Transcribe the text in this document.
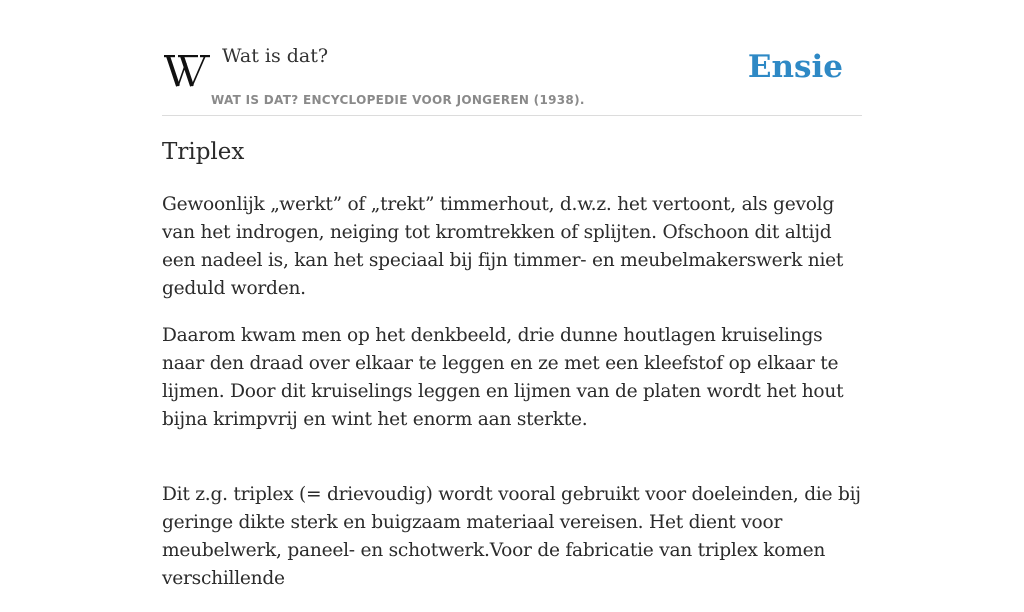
Wat is dat?
WAT IS DAT? ENCYCLOPEDIE VOOR JONGEREN (1938).
Ensie
Triplex

Gewoonlijk „werkt” of „trekt” timmerhout, d.w.z. het vertoont, als gevolg van het indrogen, neiging tot kromtrekken of splijten. Ofschoon dit altijd een nadeel is, kan het speciaal bij fijn timmer- en meubelmakerswerk niet geduld worden.

Daarom kwam men op het denkbeeld, drie dunne houtlagen kruiselings naar den draad over elkaar te leggen en ze met een kleefstof op elkaar te lijmen. Door dit kruiselings leggen en lijmen van de platen wordt het hout bijna krimpvrij en wint het enorm aan sterkte.

Dit z.g. triplex (= drievoudig) wordt vooral gebruikt voor doeleinden, die bij geringe dikte sterk en buigzaam materiaal vereisen. Het dient voor meubelwerk, paneel- en schotwerk.Voor de fabricatie van triplex komen verschillende
